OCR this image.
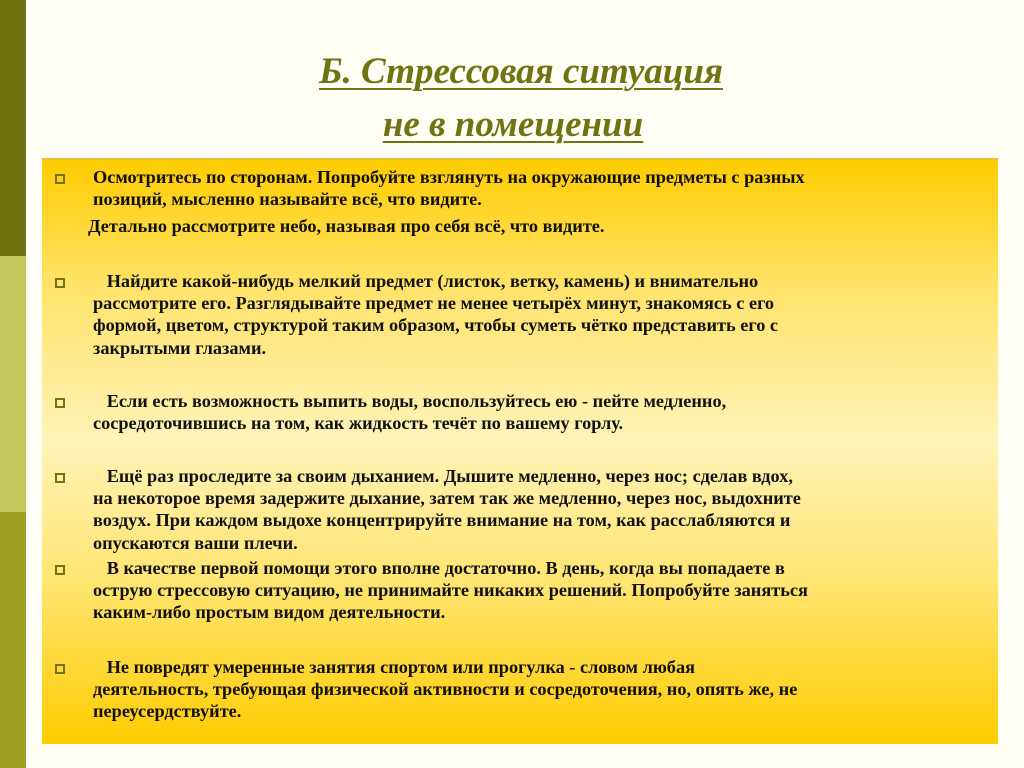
Б. Стрессовая ситуация
не в помещении
Осмотритесь по сторонам. Попробуйте взглянуть на окружающие предметы с разных
позиций, мысленно называйте всё, что видите.
Детально рассмотрите небо, называя про себя всё, что видите.
Найдите какой-нибудь мелкий предмет (листок, ветку, камень) и внимательно
рассмотрите его. Разглядывайте предмет не менее четырёх минут, знакомясь с его
формой, цветом, структурой таким образом, чтобы суметь чётко представить его с
закрытыми глазами.
Если есть возможность выпить воды, воспользуйтесь ею - пейте медленно,
сосредоточившись на том, как жидкость течёт по вашему горлу.
Ещё раз проследите за своим дыханием. Дышите медленно, через нос; сделав вдох,
на некоторое время задержите дыхание, затем так же медленно, через нос, выдохните
воздух. При каждом выдохе концентрируйте внимание на том, как расслабляются и
опускаются ваши плечи.
В качестве первой помощи этого вполне достаточно. В день, когда вы попадаете в
острую стрессовую ситуацию, не принимайте никаких решений. Попробуйте заняться
каким-либо простым видом деятельности.
Не повредят умеренные занятия спортом или прогулка - словом любая
деятельность, требующая физической активности и сосредоточения, но, опять же, не
переусердствуйте.
